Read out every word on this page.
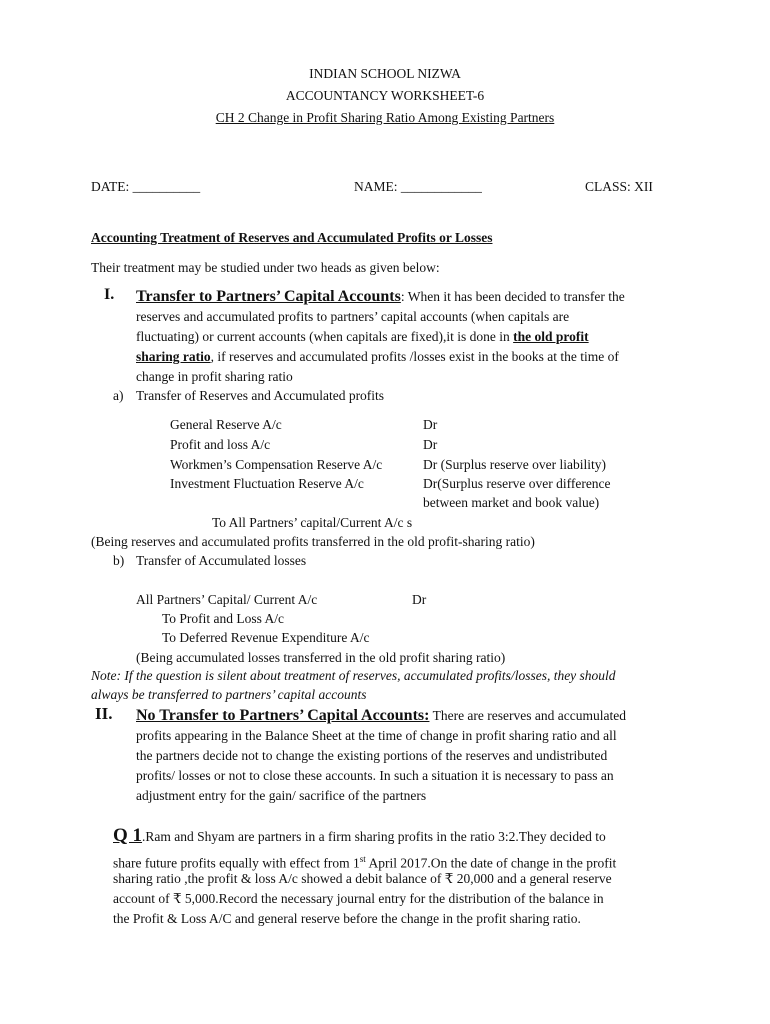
INDIAN SCHOOL NIZWA
ACCOUNTANCY WORKSHEET-6
CH 2 Change in Profit Sharing Ratio Among Existing Partners
DATE: __________	NAME: ____________	CLASS: XII
Accounting Treatment of Reserves and Accumulated Profits or Losses
Their treatment may be studied under two heads as given below:
I. Transfer to Partners’ Capital Accounts: When it has been decided to transfer the
reserves and accumulated profits to partners’ capital accounts (when capitals are
fluctuating) or current accounts (when capitals are fixed),it is done in the old profit
sharing ratio, if reserves and accumulated profits /losses exist in the books at the time of
change in profit sharing ratio
a) Transfer of Reserves and Accumulated profits
General Reserve A/c	Dr
Profit and loss A/c	Dr
Workmen’s Compensation Reserve A/c	Dr (Surplus reserve over liability)
Investment Fluctuation Reserve A/c	Dr(Surplus reserve over difference
between market and book value)
To All Partners’ capital/Current A/c s
(Being reserves and accumulated profits transferred in the old profit-sharing ratio)
b) Transfer of Accumulated losses
All Partners’ Capital/ Current A/c	Dr
To Profit and Loss A/c
To Deferred Revenue Expenditure A/c
(Being accumulated losses transferred in the old profit sharing ratio)
Note: If the question is silent about treatment of reserves, accumulated profits/losses, they should
always be transferred to partners’ capital accounts
II. No Transfer to Partners’ Capital Accounts: There are reserves and accumulated
profits appearing in the Balance Sheet at the time of change in profit sharing ratio and all
the partners decide not to change the existing portions of the reserves and undistributed
profits/ losses or not to close these accounts. In such a situation it is necessary to pass an
adjustment entry for the gain/ sacrifice of the partners
Q 1.Ram and Shyam are partners in a firm sharing profits in the ratio 3:2.They decided to
share future profits equally with effect from 1st April 2017.On the date of change in the profit
sharing ratio ,the profit & loss A/c showed a debit balance of ₹ 20,000 and a general reserve
account of ₹ 5,000.Record the necessary journal entry for the distribution of the balance in
the Profit & Loss A/C and general reserve before the change in the profit sharing ratio.
